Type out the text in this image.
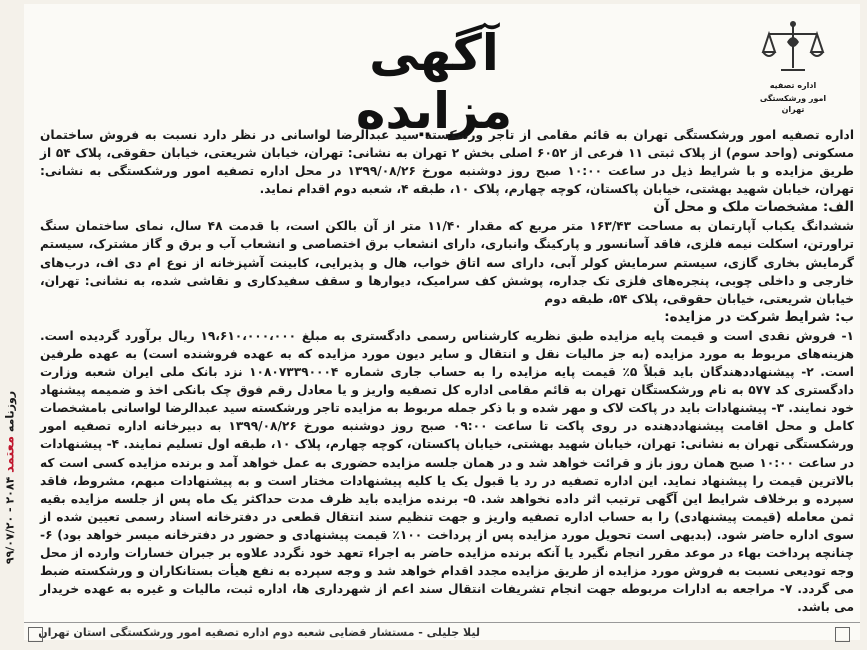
اداره تصفیه
امور ورشکستگی تهران
آگهی مزایده	اداره تصفیه امور ورشکستگی تهران به قائم مقامی از تاجر ورشکسته سید عبدالرضا لواسانی در نظر دارد نسبت به فروش ساختمان مسکونی (واحد سوم) از پلاک ثبتی ۱۱ فرعی از ۶۰۵۲ اصلی بخش ۲ تهران به نشانی: تهران، خیابان شریعتی، خیابان حقوقی، پلاک ۵۴ از طریق مزایده و با شرایط ذیل در ساعت ۱۰:۰۰ صبح روز دوشنبه مورخ ۱۳۹۹/۰۸/۲۶ در محل اداره تصفیه امور ورشکستگی به نشانی: تهران، خیابان شهید بهشتی، خیابان پاکستان، کوچه چهارم، پلاک ۱۰، طبقه ۴، شعبه دوم اقدام نماید.

الف: مشخصات ملک و محل آن

ششدانگ یکباب آپارتمان به مساحت ۱۶۳/۴۳ متر مربع که مقدار ۱۱/۴۰ متر از آن بالکن است، با قدمت ۴۸ سال، نمای ساختمان سنگ تراورتن، اسکلت نیمه فلزی، فاقد آسانسور و پارکینگ وانباری، دارای انشعاب برق اختصاصی و انشعاب آب و برق و گاز مشترک، سیستم گرمایش بخاری گازی، سیستم سرمایش کولر آبی، دارای سه اتاق خواب، هال و پذیرایی، کابینت آشپزخانه از نوع ام دی اف، درب‌های خارجی و داخلی چوبی، پنجره‌های فلزی تک جداره، پوشش کف سرامیک، دیوارها و سقف سفیدکاری و نقاشی شده، به نشانی: تهران، خیابان شریعتی، خیابان حقوقی، پلاک ۵۴، طبقه دوم

ب: شرایط شرکت در مزایده:

۱- فروش نقدی است و قیمت پایه مزایده طبق نظریه کارشناس رسمی دادگستری به مبلغ ۱۹،۶۱۰،۰۰۰،۰۰۰ ریال برآورد گردیده است. هزینه‌های مربوط به مورد مزایده (به جز مالیات نقل و انتقال و سایر دیون مورد مزایده که به عهده فروشنده است) به عهده طرفین است. ۲- پیشنهاددهندگان باید قبلاً ۵٪ قیمت پایه مزایده را به حساب جاری شماره ۱۰۸۰۷۳۳۹۰۰۰۴ نزد بانک ملی ایران شعبه وزارت دادگستری کد ۵۷۷ به نام ورشکستگان تهران به قائم مقامی اداره کل تصفیه واریز و یا معادل رقم فوق چک بانکی اخذ و ضمیمه پیشنهاد خود نمایند. ۳- پیشنهادات باید در پاکت لاک و مهر شده و با ذکر جمله مربوط به مزایده تاجر ورشکسته سید عبدالرضا لواسانی بامشخصات کامل و محل اقامت پیشنهاددهنده در روی پاکت تا ساعت ۰۹:۰۰ صبح روز دوشنبه مورخ ۱۳۹۹/۰۸/۲۶ به دبیرخانه اداره تصفیه امور ورشکستگی تهران به نشانی: تهران، خیابان شهید بهشتی، خیابان پاکستان، کوچه چهارم، پلاک ۱۰، طبقه اول تسلیم نمایند. ۴- پیشنهادات در ساعت ۱۰:۰۰ صبح همان روز باز و قرائت خواهد شد و در همان جلسه مزایده حضوری به عمل خواهد آمد و برنده مزایده کسی است که بالاترین قیمت را پیشنهاد نماید. این اداره تصفیه در رد یا قبول یک یا کلیه پیشنهادات مختار است و به پیشنهادات مبهم، مشروط، فاقد سپرده و برخلاف شرایط این آگهی ترتیب اثر داده نخواهد شد. ۵- برنده مزایده باید ظرف مدت حداکثر یک ماه پس از جلسه مزایده بقیه ثمن معامله (قیمت پیشنهادی) را به حساب اداره تصفیه واریز و جهت تنظیم سند انتقال قطعی در دفترخانه اسناد رسمی تعیین شده از سوی اداره حاضر شود. (بدیهی است تحویل مورد مزایده پس از پرداخت ۱۰۰٪ قیمت پیشنهادی و حضور در دفترخانه میسر خواهد بود) ۶- چنانچه پرداخت بهاء در موعد مقرر انجام نگیرد یا آنکه برنده مزایده حاضر به اجراء تعهد خود نگردد علاوه بر جبران خسارات وارده از محل وجه تودیعی نسبت به فروش مورد مزایده از طریق مزایده مجدد اقدام خواهد شد و وجه سپرده به نفع هیأت بستانکاران و ورشکسته ضبط می گردد. ۷- مراجعه به ادارات مربوطه جهت انجام تشریفات انتقال سند اعم از شهرداری ها، اداره ثبت، مالیات و غیره به عهده خریدار می باشد.

روزنامه معتمد ۲۰۸۴ - ۹۹/۰۷/۲۰
لیلا جلیلی - مستشار قضایی شعبه دوم اداره تصفیه امور ورشکستگی استان تهران
